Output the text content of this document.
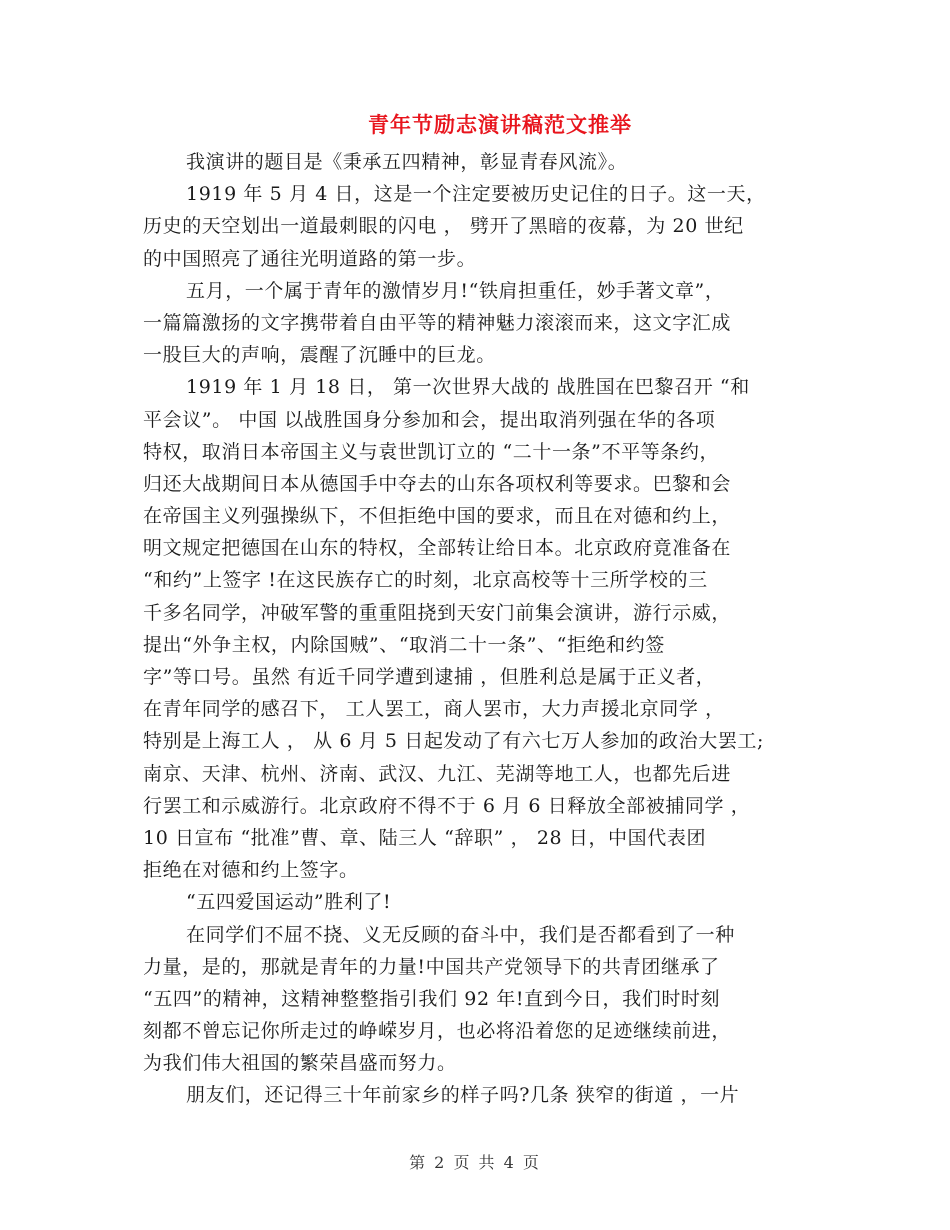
青年节励志演讲稿范文推举
我演讲的题目是《秉承五四精神，彰显青春风流》。
1919 年 5 月 4 日，这是一个注定要被历史记住的日子。这一天，
历史的天空划出一道最刺眼的闪电 ， 劈开了黑暗的夜幕，为 20 世纪
的中国照亮了通往光明道路的第一步。
五月，一个属于青年的激情岁月!“铁肩担重任，妙手著文章”，
一篇篇激扬的文字携带着自由平等的精神魅力滚滚而来，这文字汇成
一股巨大的声响，震醒了沉睡中的巨龙。
1919 年 1 月 18 日， 第一次世界大战的 战胜国在巴黎召开 “和
平会议”。 中国 以战胜国身分参加和会，提出取消列强在华的各项
特权，取消日本帝国主义与袁世凯订立的 “二十一条”不平等条约，
归还大战期间日本从德国手中夺去的山东各项权利等要求。巴黎和会
在帝国主义列强操纵下，不但拒绝中国的要求，而且在对德和约上，
明文规定把德国在山东的特权，全部转让给日本。北京政府竟准备在
“和约”上签字 !在这民族存亡的时刻，北京高校等十三所学校的三
千多名同学，冲破军警的重重阻挠到天安门前集会演讲，游行示威，
提出“外争主权，内除国贼”、“取消二十一条”、“拒绝和约签
字”等口号。虽然 有近千同学遭到逮捕 ，但胜利总是属于正义者，
在青年同学的感召下， 工人罢工，商人罢市，大力声援北京同学 ，
特别是上海工人 ， 从 6 月 5 日起发动了有六七万人参加的政治大罢工;
南京、天津、杭州、济南、武汉、九江、芜湖等地工人，也都先后进
行罢工和示威游行。北京政府不得不于 6 月 6 日释放全部被捕同学 ，
10 日宣布 “批准”曹、章、陆三人 “辞职” ， 28 日，中国代表团
拒绝在对德和约上签字。
“五四爱国运动”胜利了!
在同学们不屈不挠、义无反顾的奋斗中，我们是否都看到了一种
力量，是的，那就是青年的力量!中国共产党领导下的共青团继承了
“五四”的精神，这精神整整指引我们 92 年!直到今日，我们时时刻
刻都不曾忘记你所走过的峥嵘岁月，也必将沿着您的足迹继续前进，
为我们伟大祖国的繁荣昌盛而努力。
朋友们，还记得三十年前家乡的样子吗?几条 狭窄的街道 ，一片
第 2 页 共 4 页
